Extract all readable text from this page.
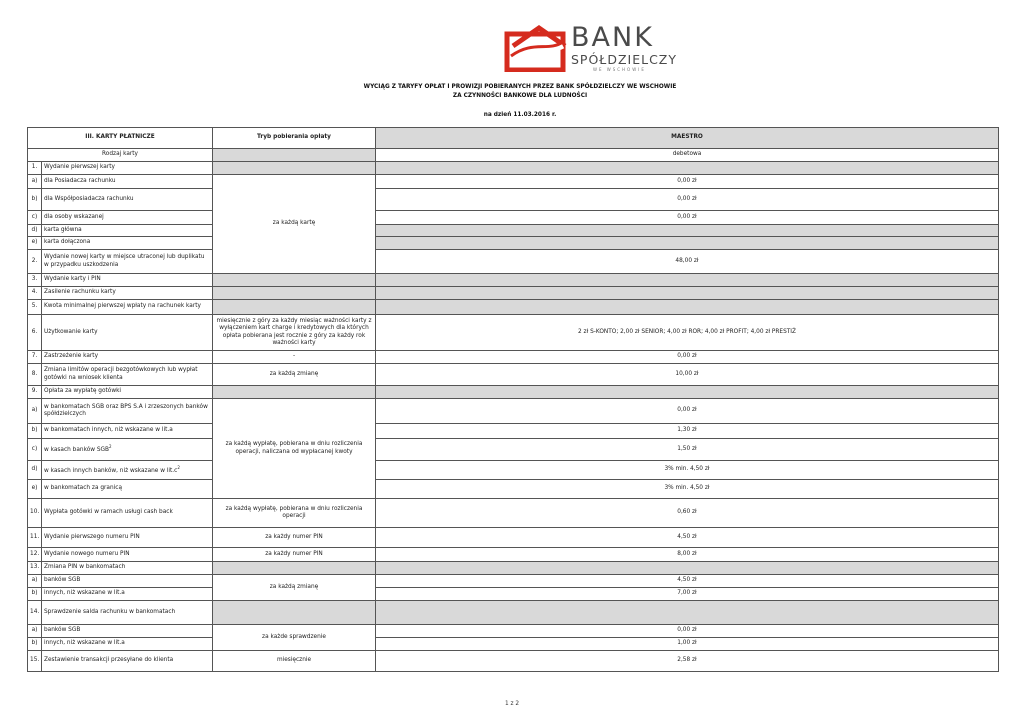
BANK
SPÓŁDZIELCZY
WE WSCHOWIE
WYCIĄG Z TARYFY OPŁAT I PROWIZJI POBIERANYCH PRZEZ BANK SPÓŁDZIELCZY WE WSCHOWIE
ZA CZYNNOŚCI BANKOWE DLA LUDNOŚCI
na dzień 11.03.2016 r.
III. KARTY PŁATNICZE		Tryb pobierania opłaty	MAESTRO
Rodzaj karty			debetowa
1.	Wydanie pierwszej karty		
a)	dla Posiadacza rachunku	za każdą kartę	0,00 zł
b)	dla Współposiadacza rachunku		0,00 zł
c)	dla osoby wskazanej		0,00 zł
d)	karta główna		
e)	karta dołączona		
2.	Wydanie nowej karty w miejsce utraconej lub duplikatu w przypadku uszkodzenia		48,00 zł
3.	Wydanie karty i PIN		
4.	Zasilenie rachunku karty		
5.	Kwota minimalnej pierwszej wpłaty na rachunek karty		
6.	Użytkowanie karty	miesięcznie z góry za każdy miesiąc ważności karty z wyłączeniem kart charge i kredytowych dla których opłata pobierana jest rocznie z góry za każdy rok ważności karty	2 zł S-KONTO; 2,00 zł SENIOR; 4,00 zł ROR; 4,00 zł PROFIT; 4,00 zł PRESTIŻ
7.	Zastrzeżenie karty	-	0,00 zł
8.	Zmiana limitów operacji bezgotówkowych lub wypłat gotówki na wniosek klienta	za każdą zmianę	10,00 zł
9.	Opłata za wypłatę gotówki		
a)	w bankomatach SGB oraz BPS S.A i zrzeszonych banków spółdzielczych	za każdą wypłatę, pobierana w dniu rozliczenia operacji, naliczana od wypłacanej kwoty	0,00 zł
b)	w bankomatach innych, niż wskazane w lit.a		1,30 zł
c)	w kasach banków SGB$^2$		1,50 zł
d)	w kasach innych banków, niż wskazane w $lit.c^2$		3% min. 4,50 zł
e)	w bankomatach za granicą		3% min. 4,50 zł
10.	Wypłata gotówki w ramach usługi cash back	za każdą wypłatę, pobierana w dniu rozliczenia operacji	0,60 zł
11.	Wydanie pierwszego numeru PIN	za każdy numer PIN	4,50 zł
12.	Wydanie nowego numeru PIN	za każdy numer PIN	8,00 zł
13.	Zmiana PIN w bankomatach		
a)	banków SGB	za każdą zmianę	4,50 zł
b)	innych, niż wskazane w lit.a		7,00 zł
14.	Sprawdzenie salda rachunku w bankomatach		
a)	banków SGB	za każde sprawdzenie	0,00 zł
b)	innych, niż wskazane w lit.a		1,00 zł
15.	Zestawienie transakcji przesyłane do klienta	miesięcznie	2,58 zł
1 z 2
